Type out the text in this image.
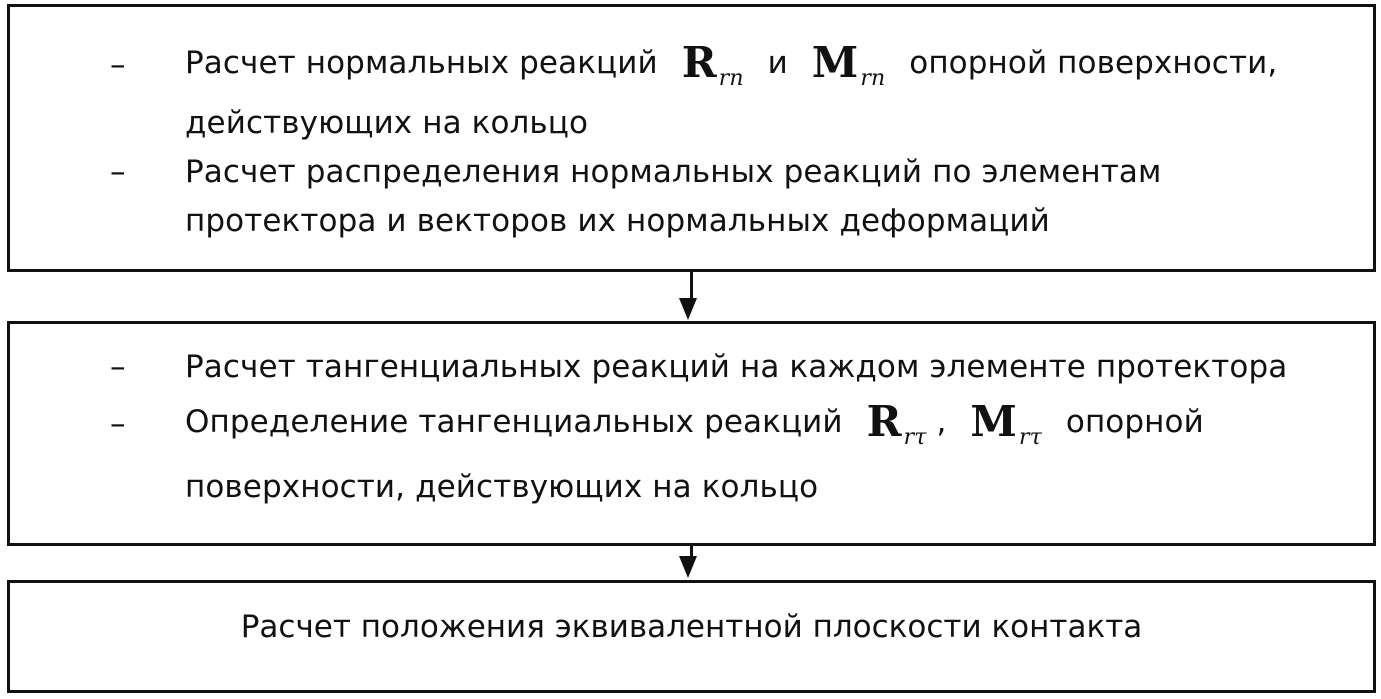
– Расчет нормальных реакций $R_{rn}$ и $M_{rn}$ опорной поверхности,
действующих на кольцо
– Расчет распределения нормальных реакций по элементам
протектора и векторов их нормальных деформаций
– Расчет тангенциальных реакций на каждом элементе протектора
– Определение тангенциальных реакций $R_{r\tau}$ , $M_{r\tau}$ опорной
поверхности, действующих на кольцо
Расчет положения эквивалентной плоскости контакта
